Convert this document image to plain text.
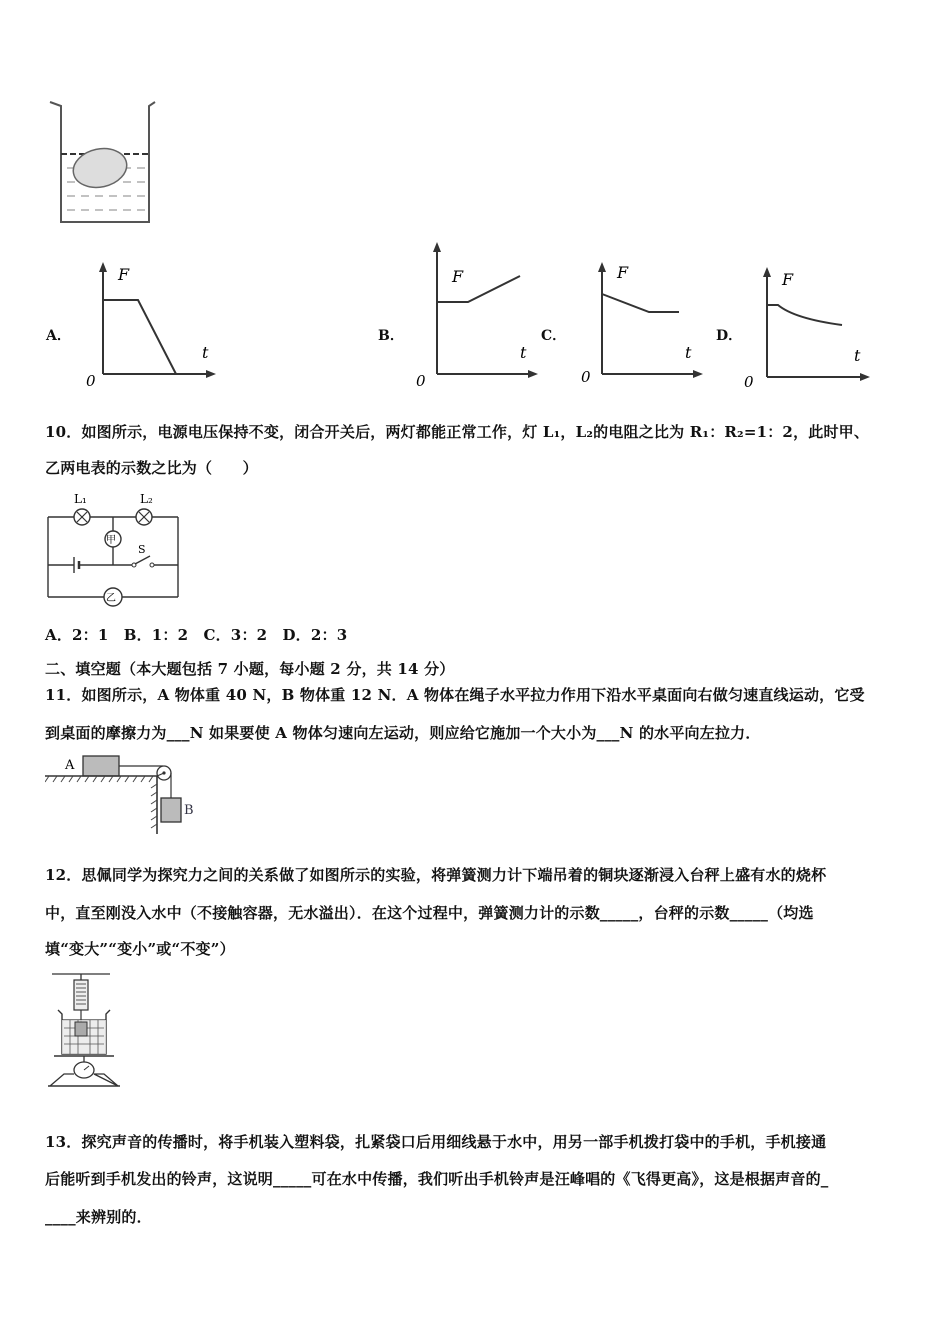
A．	B．	C．	D．
F
t
0
F
t
0
F
t
0
F
t
0
10．如图所示，电源电压保持不变，闭合开关后，两灯都能正常工作，灯 L₁，L₂的电阻之比为 R₁：R₂=1：2，此时甲、
乙两电表的示数之比为（　　）
L₁	L₂
甲
S
乙
A．2：1　B．1：2　C．3：2　D．2：3
二、填空题（本大题包括 7 小题，每小题 2 分，共 14 分）
11．如图所示，A 物体重 40 N，B 物体重 12 N．A 物体在绳子水平拉力作用下沿水平桌面向右做匀速直线运动，它受
到桌面的摩擦力为___N 如果要使 A 物体匀速向左运动，则应给它施加一个大小为___N 的水平向左拉力．
A
B
12．思佩同学为探究力之间的关系做了如图所示的实验，将弹簧测力计下端吊着的铜块逐渐浸入台秤上盛有水的烧杯
中，直至刚没入水中（不接触容器，无水溢出）．在这个过程中，弹簧测力计的示数_____，台秤的示数_____（均选
填“变大”“变小”或“不变”）
13．探究声音的传播时，将手机装入塑料袋，扎紧袋口后用细线悬于水中，用另一部手机拨打袋中的手机，手机接通
后能听到手机发出的铃声，这说明_____可在水中传播，我们听出手机铃声是汪峰唱的《飞得更高》，这是根据声音的_
____来辨别的．
